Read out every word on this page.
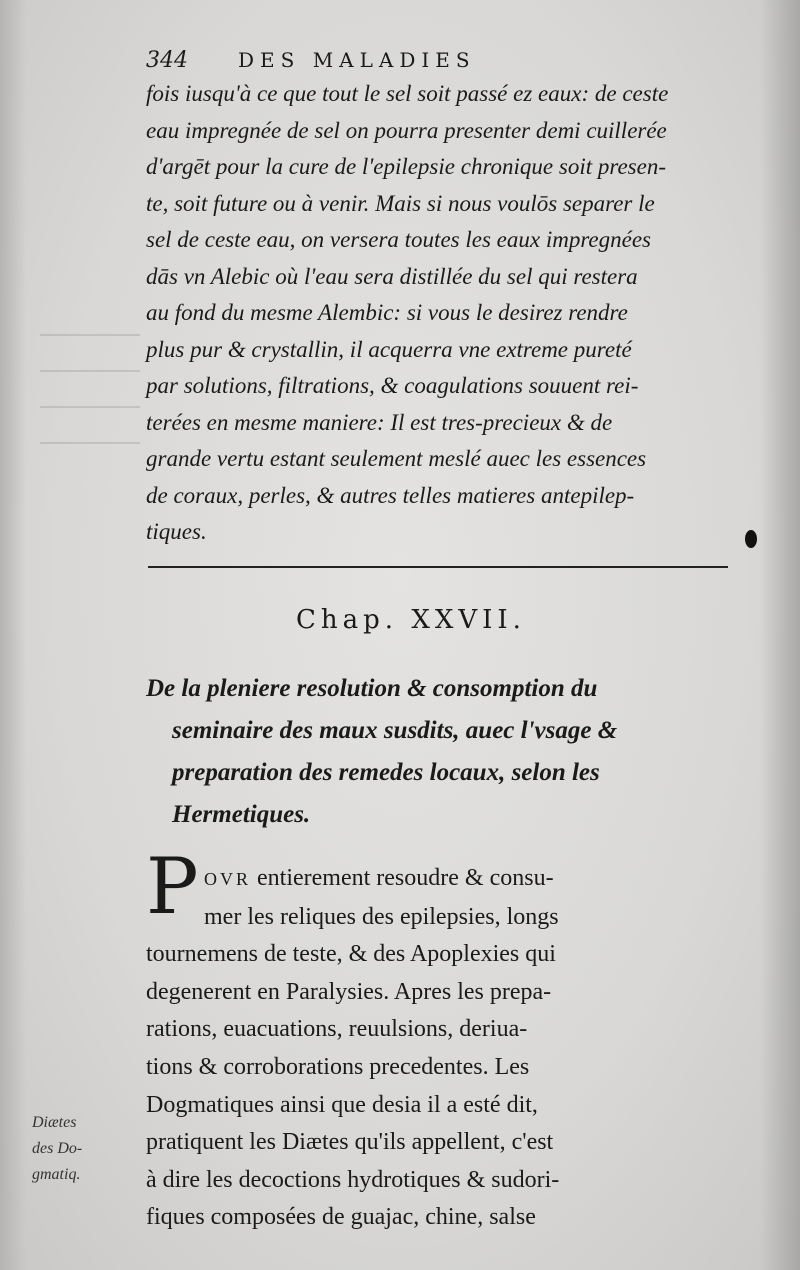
344	DES MALADIES
fois iusqu'à ce que tout le sel soit passé ez eaux: de ceste
eau impregnée de sel on pourra presenter demi cuillerée
d'argēt pour la cure de l'epilepsie chronique soit presen-
te, soit future ou à venir. Mais si nous voulōs separer le
sel de ceste eau, on versera toutes les eaux impregnées
dās vn Alebic où l'eau sera distillée du sel qui restera
au fond du mesme Alembic: si vous le desirez rendre
plus pur & crystallin, il acquerra vne extreme pureté
par solutions, filtrations, & coagulations souuent rei-
terées en mesme maniere: Il est tres-precieux & de
grande vertu estant seulement meslé auec les essences
de coraux, perles, & autres telles matieres antepilep-
tiques.
Chap. XXVII.
De la pleniere resolution & consomption du
seminaire des maux susdits, auec l'vsage &
preparation des remedes locaux, selon les
Hermetiques.
P OVR entierement resoudre & consu-
mer les reliques des epilepsies, longs
tournemens de teste, & des Apoplexies qui
degenerent en Paralysies. Apres les prepa-
rations, euacuations, reuulsions, deriua-
tions & corroborations precedentes. Les
Dogmatiques ainsi que desia il a esté dit,
pratiquent les Diætes qu'ils appellent, c'est
à dire les decoctions hydrotiques & sudori-
fiques composées de guajac, chine, salse
Diætes
des Do-
gmatiq.
